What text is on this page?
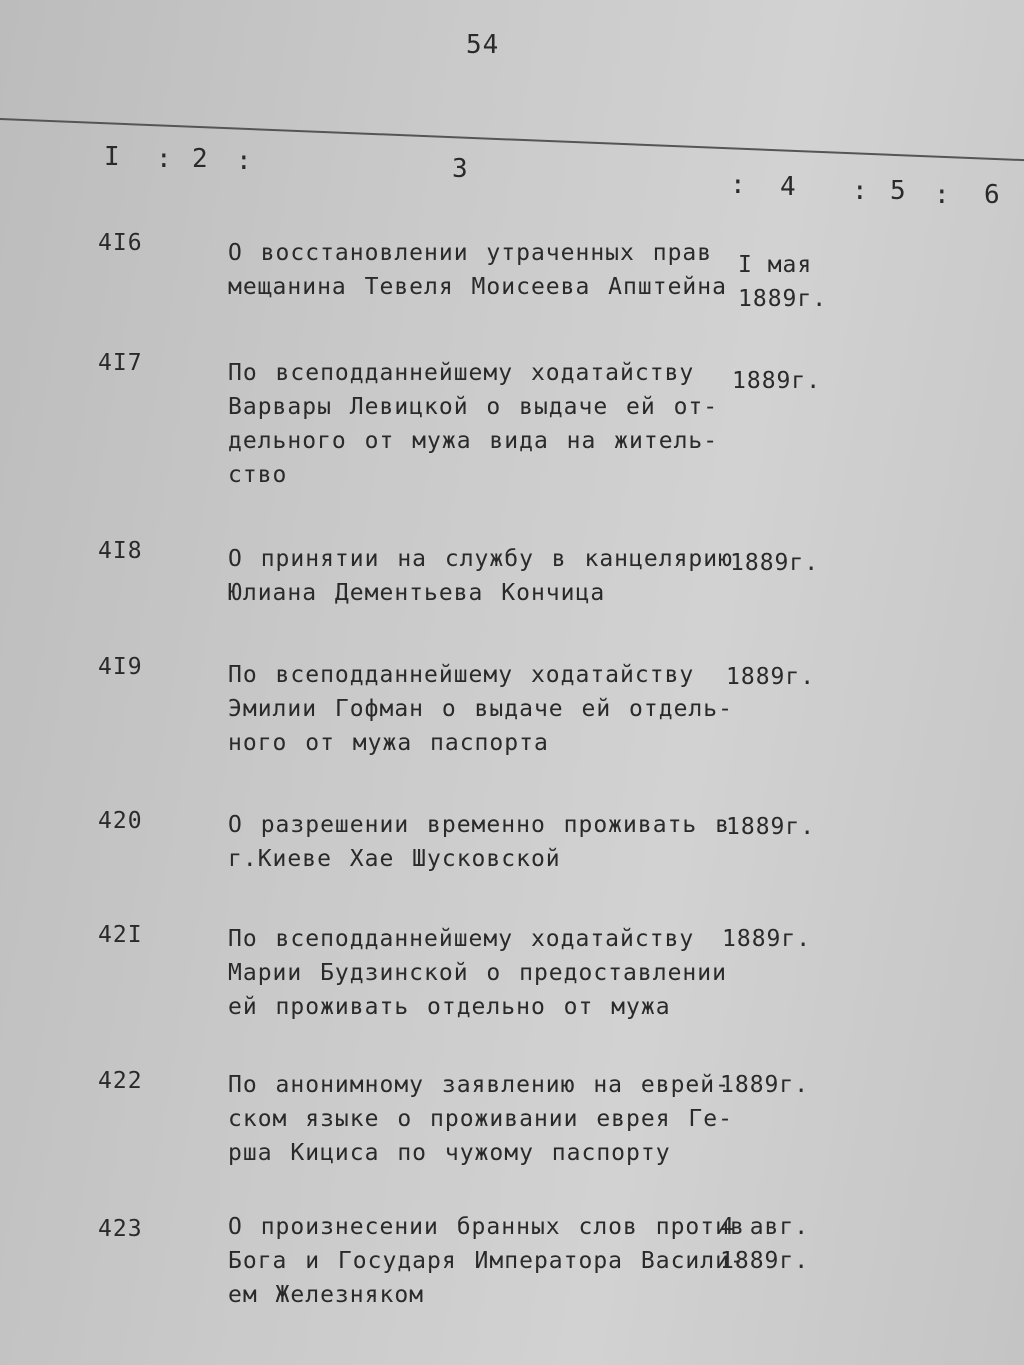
54
I : 2 :	3
: 4 : 5 : 6
4I6	О восстановлении утраченных прав
мещанина Тевеля Моисеева Апштейна
I мая
1889г.
4I7	По всеподданнейшему ходатайству
Варвары Левицкой о выдаче ей от-
дельного от мужа вида на житель-
ство
1889г.
4I8	О принятии на службу в канцелярию
Юлиана Дементьева Кончица
1889г.
4I9	По всеподданнейшему ходатайству
Эмилии Гофман о выдаче ей отдель-
ного от мужа паспорта
1889г.
420	О разрешении временно проживать в
г.Киеве Хае Шусковской
1889г.
42I	По всеподданнейшему ходатайству
Марии Будзинской о предоставлении
ей проживать отдельно от мужа
1889г.
422	По анонимному заявлению на еврей-
ском языке о проживании еврея Ге-
рша Кициса по чужому паспорту
1889г.
423	О произнесении бранных слов против
Бога и Государя Императора Васили-
ем Железняком
4 авг.
1889г.
